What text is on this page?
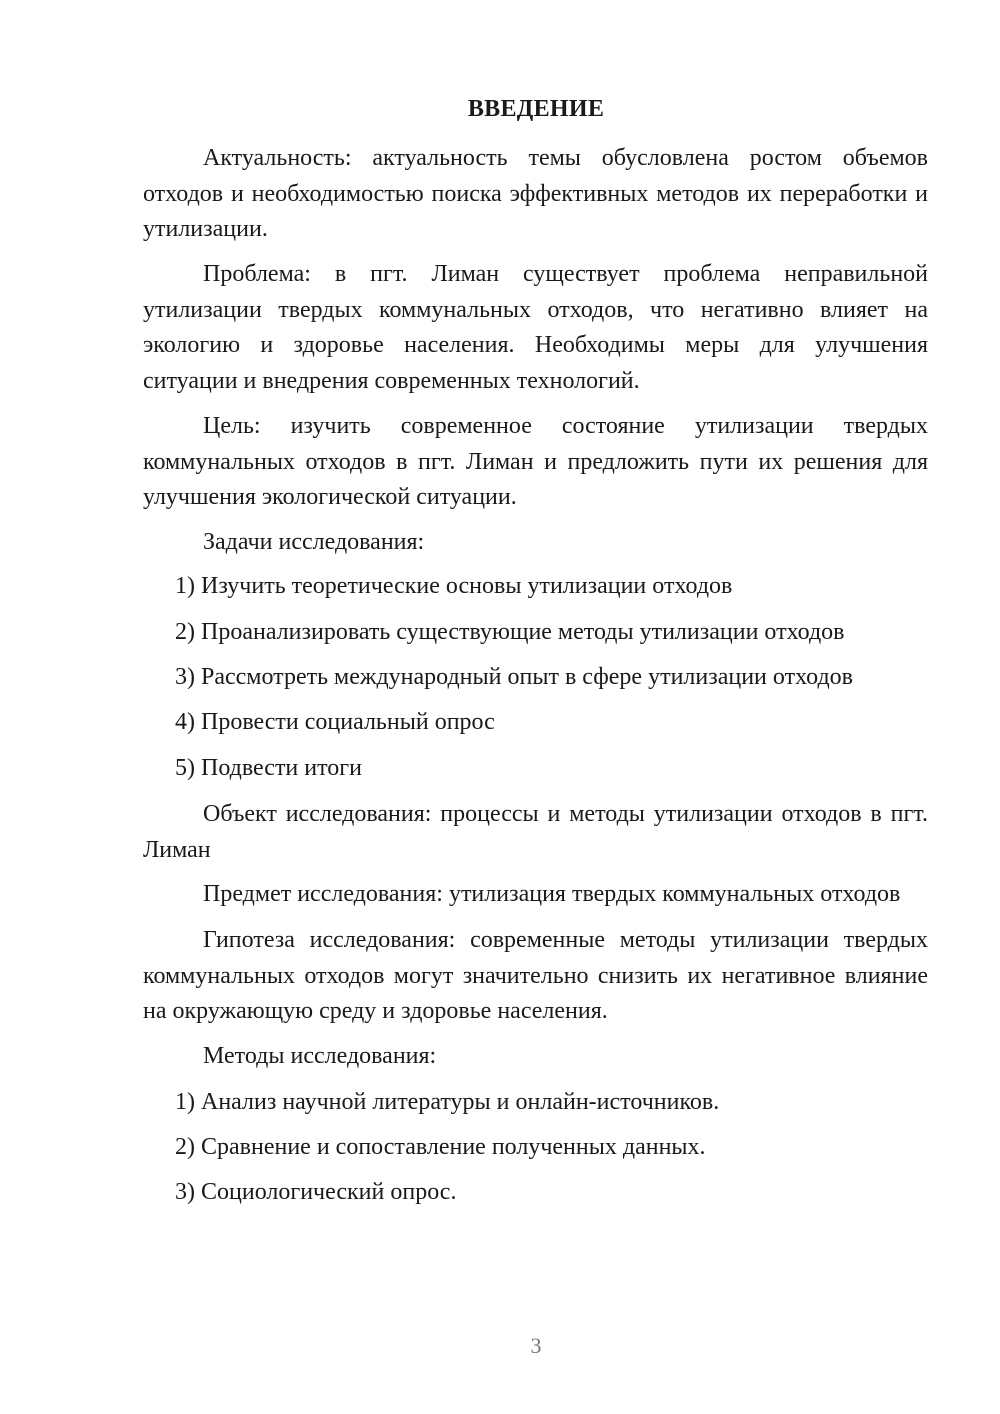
ВВЕДЕНИЕ

Актуальность: актуальность темы обусловлена ростом объемов отходов и необходимостью поиска эффективных методов их переработки и утилизации.

Проблема: в пгт. Лиман существует проблема неправильной утилизации твердых коммунальных отходов, что негативно влияет на экологию и здоровье населения. Необходимы меры для улучшения ситуации и внедрения современных технологий.

Цель: изучить современное состояние утилизации твердых коммунальных отходов в пгт. Лиман и предложить пути их решения для улучшения экологической ситуации.

Задачи исследования:

1) Изучить теоретические основы утилизации отходов

2) Проанализировать существующие методы утилизации отходов

3) Рассмотреть международный опыт в сфере утилизации отходов

4) Провести социальный опрос

5) Подвести итоги

Объект исследования: процессы и методы утилизации отходов в пгт. Лиман

Предмет исследования: утилизация твердых коммунальных отходов

Гипотеза исследования: современные методы утилизации твердых коммунальных отходов могут значительно снизить их негативное влияние на окружающую среду и здоровье населения.

Методы исследования:

1) Анализ научной литературы и онлайн-источников.

2) Сравнение и сопоставление полученных данных.

3) Социологический опрос.

3
